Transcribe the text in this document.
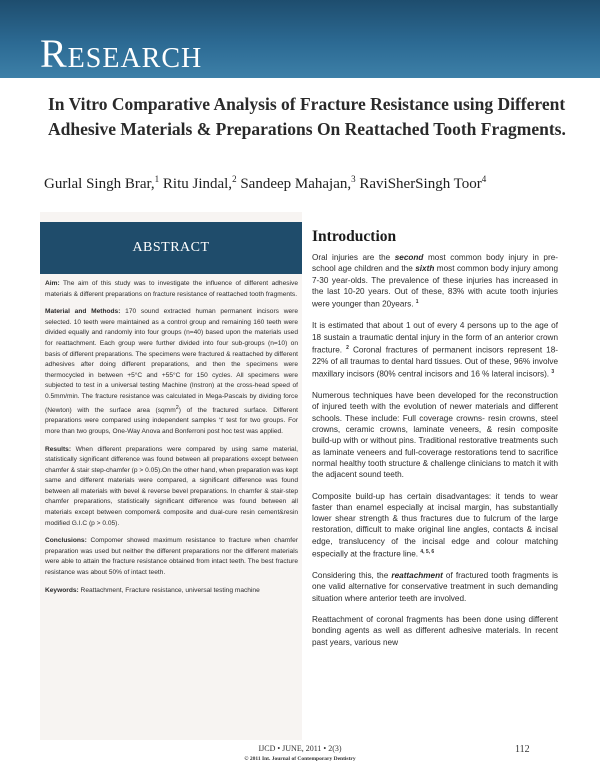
Research
In Vitro Comparative Analysis of Fracture Resistance using Different Adhesive Materials & Preparations On Reattached Tooth Fragments.
Gurlal Singh Brar,$^1$ Ritu Jindal,$^2$ Sandeep Mahajan,$^3$ RaviSherSingh Toor$^4$
ABSTRACT

Aim: The aim of this study was to investigate the influence of different adhesive materials & different preparations on fracture resistance of reattached tooth fragments.

Material and Methods: 170 sound extracted human permanent incisors were selected. 10 teeth were maintained as a control group and remaining 160 teeth were divided equally and randomly into four groups (n=40) based upon the materials used for reattachment. Each group were further divided into four sub-groups (n=10) on basis of different preparations. The specimens were fractured & reattached by different adhesives after doing different preparations, and then the specimens were thermocycled in between +5°C and +55°C for 150 cycles. All specimens were subjected to test in a universal testing Machine (Instron) at the cross-head speed of 0.5mm/min. The fracture resistance was calculated in Mega-Pascals by dividing force (Newton) with the surface area (sqmm$^2$) of the fractured surface. Different preparations were compared using independent samples ‘t’ test for two groups. For more than two groups, One-Way Anova and Bonferroni post hoc test was applied.

Results: When different preparations were compared by using same material, statistically significant difference was found between all preparations except between chamfer & stair step-chamfer (p > 0.05).On the other hand, when preparation was kept same and different materials were compared, a significant difference was found between all materials with bevel & reverse bevel preparations. In chamfer & stair-step chamfer preparations, statistically significant difference was found between all materials except between compomer& composite and dual-cure resin cement&resin modified G.I.C (p > 0.05).

Conclusions: Compomer showed maximum resistance to fracture when chamfer preparation was used but neither the different preparations nor the different materials were able to attain the fracture resistance obtained from intact teeth. The best fracture resistance was about 50% of intact teeth.

Keywords: Reattachment, Fracture resistance, universal testing machine

Introduction

Oral injuries are the second most common body injury in pre-school age children and the sixth most common body injury among 7-30 year-olds. The prevalence of these injuries has increased in the last 10-20 years. Out of these, 83% with acute tooth injuries were younger than 20years. $^1$

It is estimated that about 1 out of every 4 persons up to the age of 18 sustain a traumatic dental injury in the form of an anterior crown fracture. $^2$ Coronal fractures of permanent incisors represent 18-22% of all traumas to dental hard tissues. Out of these, 96% involve maxillary incisors (80% central incisors and 16 % lateral incisors). $^3$

Numerous techniques have been developed for the reconstruction of injured teeth with the evolution of newer materials and different schools. These include: Full coverage crowns- resin crowns, steel crowns, ceramic crowns, laminate veneers, & resin composite build-up with or without pins. Traditional restorative treatments such as laminate veneers and full-coverage restorations tend to sacrifice normal healthy tooth structure & challenge clinicians to match it with the adjacent sound teeth.

Composite build-up has certain disadvantages: it tends to wear faster than enamel especially at incisal margin, has substantially lower shear strength & thus fractures due to fulcrum of the large restoration, difficult to make original line angles, contacts & incisal edge, translucency of the incisal edge and colour matching especially at the fracture line. $^{4, 5, 6}$

Considering this, the reattachment of fractured tooth fragments is one valid alternative for conservative treatment in such demanding situation where anterior teeth are involved.

Reattachment of coronal fragments has been done using different bonding agents as well as different adhesive materials. In recent past years, various new

IJCD • JUNE, 2011 • 2(3)
© 2011 Int. Journal of Contemporary Dentistry
112
